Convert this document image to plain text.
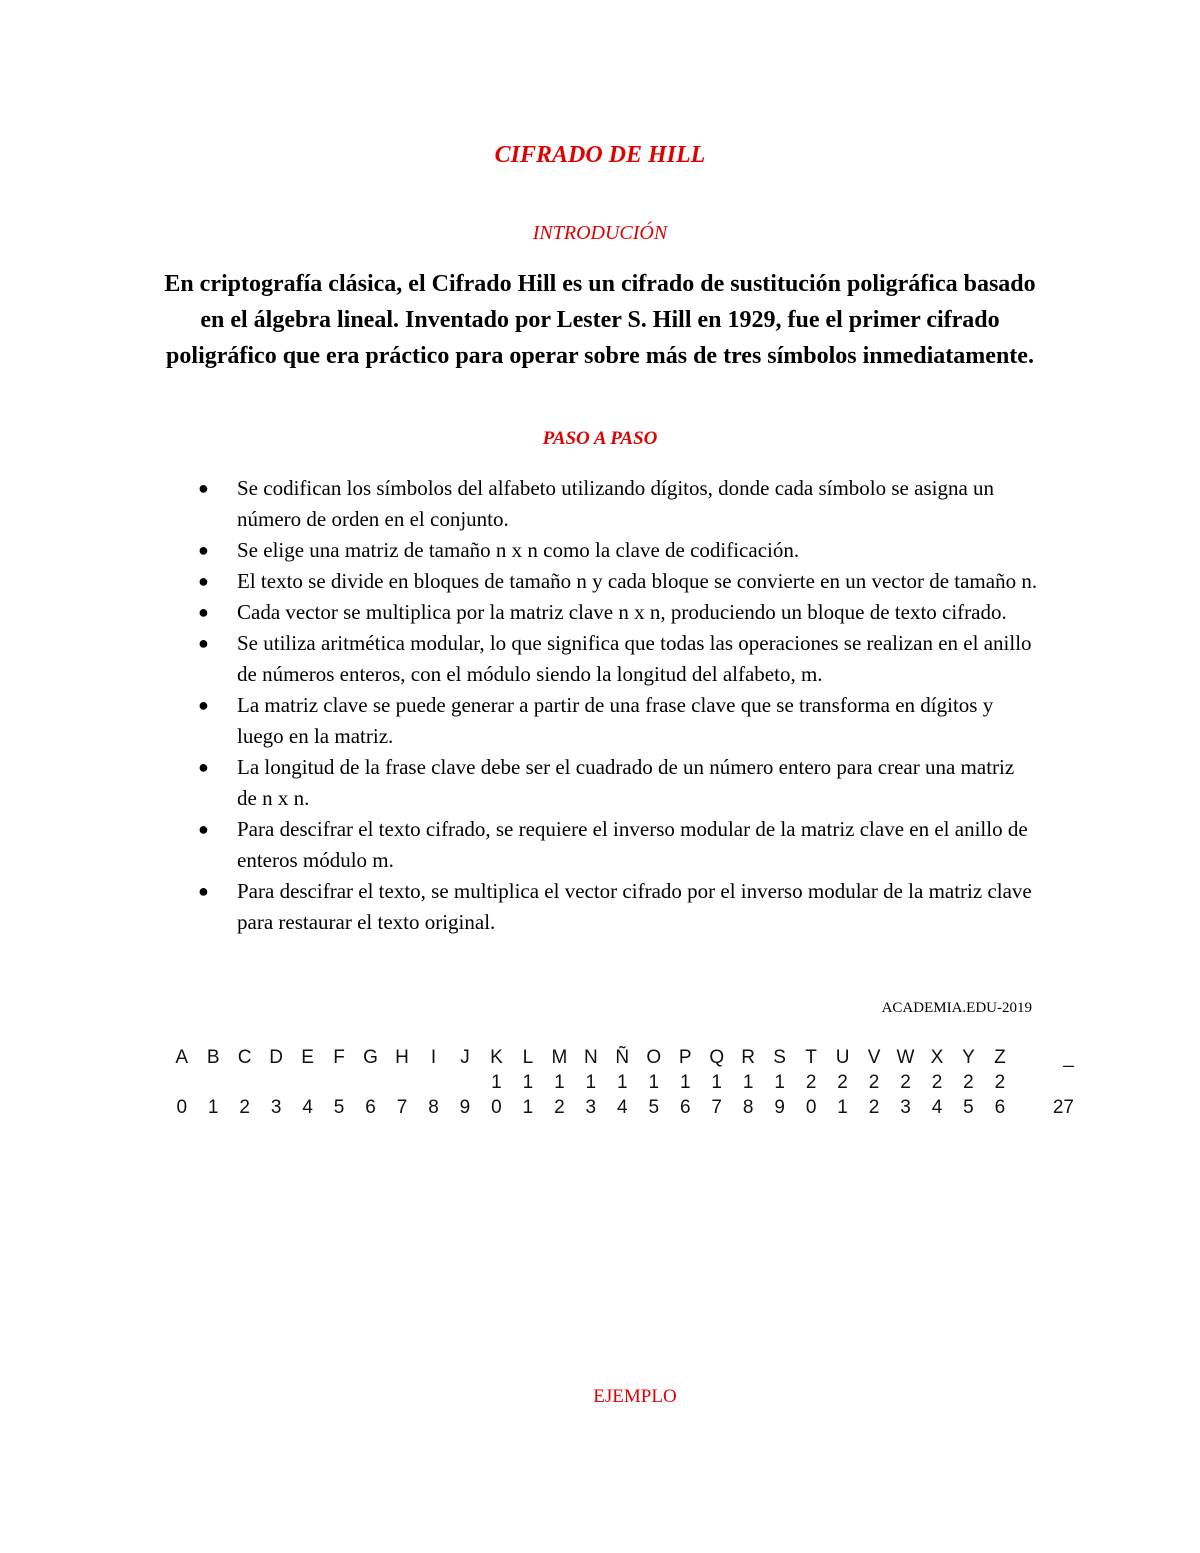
CIFRADO DE HILL
INTRODUCIÓN
En criptografía clásica, el Cifrado Hill es un cifrado de sustitución poligráfica basado en el álgebra lineal. Inventado por Lester S. Hill en 1929, fue el primer cifrado poligráfico que era práctico para operar sobre más de tres símbolos inmediatamente.
PASO A PASO
● Se codifican los símbolos del alfabeto utilizando dígitos, donde cada símbolo se asigna un número de orden en el conjunto.
● Se elige una matriz de tamaño n x n como la clave de codificación.
● El texto se divide en bloques de tamaño n y cada bloque se convierte en un vector de tamaño n.
● Cada vector se multiplica por la matriz clave n x n, produciendo un bloque de texto cifrado.
● Se utiliza aritmética modular, lo que significa que todas las operaciones se realizan en el anillo de números enteros, con el módulo siendo la longitud del alfabeto, m.
● La matriz clave se puede generar a partir de una frase clave que se transforma en dígitos y luego en la matriz.
● La longitud de la frase clave debe ser el cuadrado de un número entero para crear una matriz de n x n.
● Para descifrar el texto cifrado, se requiere el inverso modular de la matriz clave en el anillo de enteros módulo m.
● Para descifrar el texto, se multiplica el vector cifrado por el inverso modular de la matriz clave para restaurar el texto original.
ACADEMIA.EDU-2019
A	B	C	D	E	F	G	H	I	J	K	L	M	N	Ñ	O	P	Q	R	S	T	U	V	W	X	Y	Z	_
										1	1	1	1	1	1	1	1	1	1	2	2	2	2	2	2	2	
0	1	2	3	4	5	6	7	8	9	0	1	2	3	4	5	6	7	8	9	0	1	2	3	4	5	6	27
EJEMPLO
